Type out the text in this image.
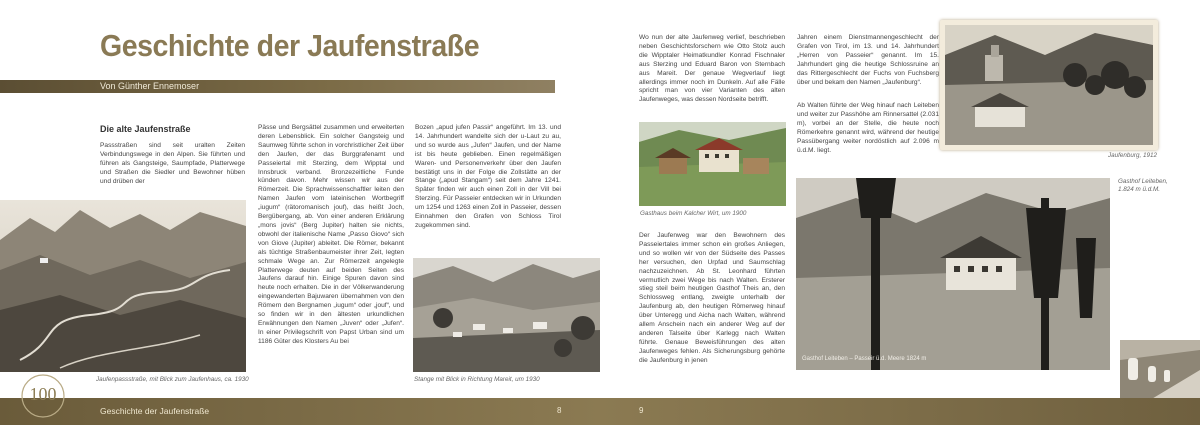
Geschichte der Jaufenstraße
Von Günther Ennemoser
Die alte Jaufenstraße
Passstraßen sind seit uralten Zeiten Verbindungswege in den Alpen. Sie führten und führen als Gangsteige, Saumpfade, Platterwege und Straßen die Siedler und Bewohner hüben und drüben der
Jaufenpassstraße, mit Blick zum Jaufenhaus, ca. 1930
Pässe und Bergsättel zusammen und erweiterten deren Lebensblick. Ein solcher Gangsteig und Saumweg führte schon in vorchristlicher Zeit über den Jaufen, der das Burggrafenamt und Passeiertal mit Sterzing, dem Wipptal und Innsbruck verband. Bronzezeitliche Funde künden davon. Mehr wissen wir aus der Römerzeit. Die Sprachwissenschaftler leiten den Namen Jaufen vom lateinischen Wortbegriff „iugum“ (rätoromanisch jouf), das heißt Joch, Bergübergang, ab. Von einer anderen Erklärung „mons jovis“ (Berg Jupiter) halten sie nichts, obwohl der italienische Name „Passo Giovo“ sich von Giove (Jupiter) ableitet. Die Römer, bekannt als tüchtige Straßenbaumeister ihrer Zeit, legten schmale Wege an. Zur Römerzeit angelegte Platterwege deuten auf beiden Seiten des Jaufens darauf hin. Einige Spuren davon sind heute noch erhalten. Die in der Völkerwanderung eingewanderten Bajuwaren übernahmen von den Römern den Bergnamen „iugum“ oder „jouf“, und so finden wir in den ältesten urkundlichen Erwähnungen den Namen „Juven“ oder „Jufen“. In einer Privilegschrift von Papst Urban sind um 1186 Güter des Klosters Au bei
Bozen „apud jufen Passir“ angeführt. Im 13. und 14. Jahrhundert wandelte sich der u-Laut zu au, und so wurde aus „Jufen“ Jaufen, und der Name ist bis heute geblieben. Einen regelmäßigen Waren- und Personenverkehr über den Jaufen bestätigt uns in der Folge die Zollstätte an der Stange („apud Stangam“) seit dem Jahre 1241. Später finden wir auch einen Zoll in der Vill bei Sterzing. Für Passeier entdecken wir in Urkunden um 1254 und 1263 einen Zoll in Passeier, dessen Einnahmen den Grafen von Schloss Tirol zugekommen sind.
Stange mit Blick in Richtung Mareit, um 1930
Wo nun der alte Jaufenweg verlief, beschrieben neben Geschichtsforschern wie Otto Stolz auch die Wipptaler Heimatkundler Konrad Fischnaler aus Sterzing und Eduard Baron von Sternbach aus Mareit. Der genaue Wegverlauf liegt allerdings immer noch im Dunkeln. Auf alle Fälle spricht man von vier Varianten des alten Jaufenweges, was dessen Nordseite betrifft.
Gasthaus beim Kalcher Wirt, um 1900
Der Jaufenweg war den Bewohnern des Passeiertales immer schon ein großes Anliegen, und so wollen wir von der Südseite des Passes her versuchen, den Urpfad und Saumschlag nachzuzeichnen. Ab St. Leonhard führten vermutlich zwei Wege bis nach Walten. Ersterer stieg steil beim heutigen Gasthof Theis an, den Schlossweg entlang, zweigte unterhalb der Jaufenburg ab, den heutigen Römerweg hinauf über Unteregg und Aicha nach Walten, während allem Anschein nach ein anderer Weg auf der anderen Talseite über Karlegg nach Walten führte. Genaue Beweisführungen des alten Jaufenweges fehlen. Als Sicherungsburg gehörte die Jaufenburg in jenen
Jahren einem Dienstmannengeschlecht der Grafen von Tirol, im 13. und 14. Jahrhundert „Herren von Passeier“ genannt. Im 15. Jahrhundert ging die heutige Schlossruine an das Rittergeschlecht der Fuchs von Fuchsberg über und bekam den Namen „Jaufenburg“.
Ab Walten führte der Weg hinauf nach Leiteben und weiter zur Passhöhe am Rinnersattel (2.031 m), vorbei an der Stelle, die heute noch Römerkehre genannt wird, während der heutige Passübergang weiter nordöstlich auf 2.096 m ü.d.M. liegt.
Jaufenburg, 1912
Gasthof Leiteben,
1.824 m ü.d.M.
Gasthof Leiteben – Passeir ü.d. Meere 1824 m
Geschichte der Jaufenstraße	8	9
100
